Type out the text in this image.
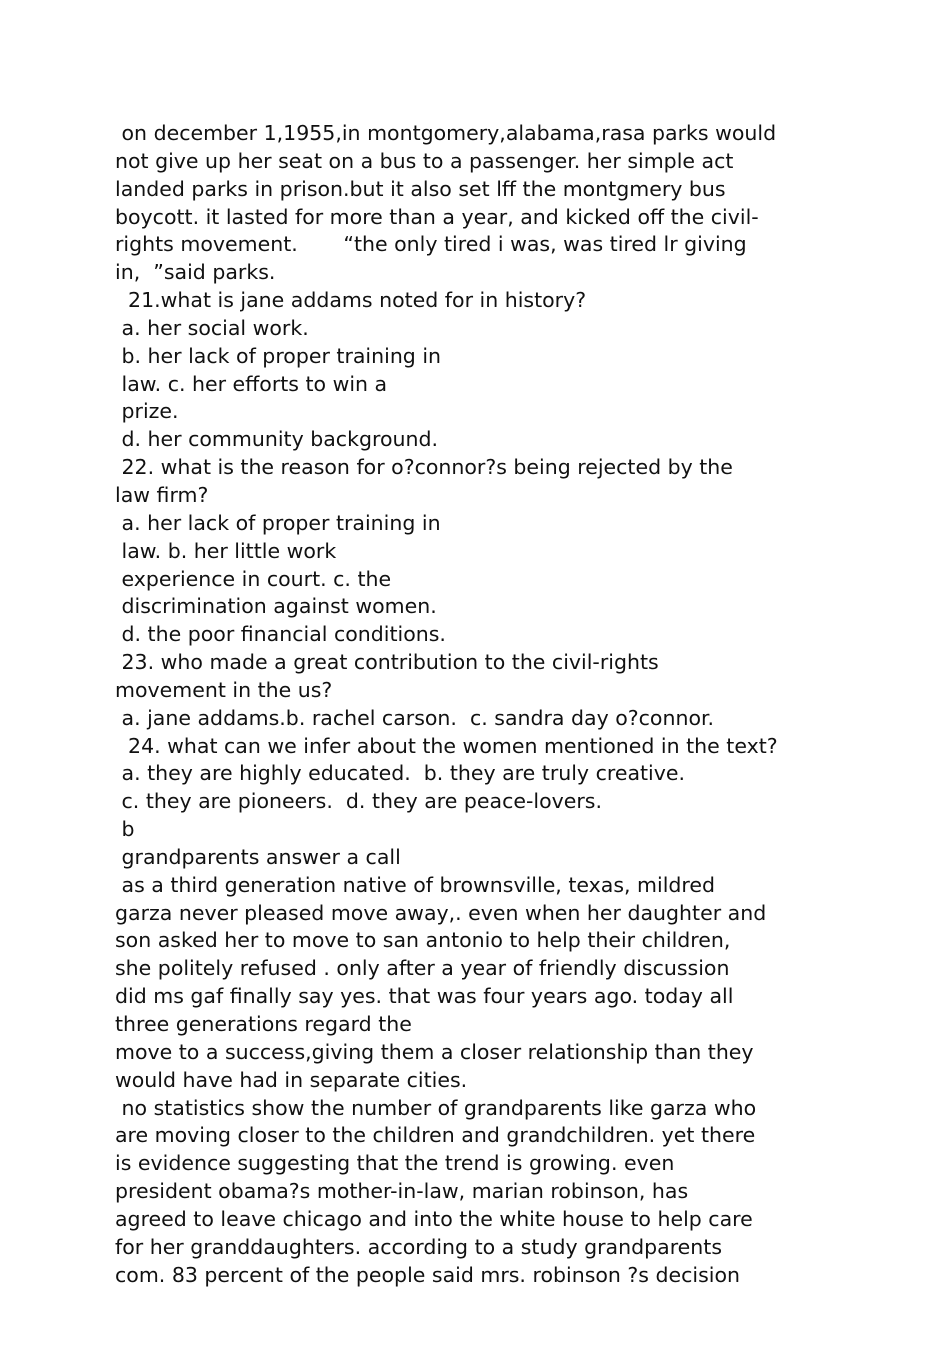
on december 1,1955,in montgomery,alabama,rasa parks would
not give up her seat on a bus to a passenger. her simple act
landed parks in prison.but it also set lff the montgmery bus
boycott. it lasted for more than a year, and kicked off the civil-
rights movement.       “the only tired i was, was tired lr giving
in,  ”said parks.
21.what is jane addams noted for in history?
a. her social work.
b. her lack of proper training in
law. c. her efforts to win a
prize.
d. her community background.
22. what is the reason for o?connor?s being rejected by the
law firm?
a. her lack of proper training in
law. b. her little work
experience in court. c. the
discrimination against women.
d. the poor financial conditions.
23. who made a great contribution to the civil-rights
movement in the us?
a. jane addams.b. rachel carson.  c. sandra day o?connor.
24. what can we infer about the women mentioned in the text?
a. they are highly educated.  b. they are truly creative.
c. they are pioneers.  d. they are peace-lovers.
b
grandparents answer a call
as a third generation native of brownsville, texas, mildred
garza never pleased move away,. even when her daughter and
son asked her to move to san antonio to help their children,
she politely refused . only after a year of friendly discussion
did ms gaf finally say yes. that was four years ago. today all
three generations regard the
move to a success,giving them a closer relationship than they
would have had in separate cities.
no statistics show the number of grandparents like garza who
are moving closer to the children and grandchildren. yet there
is evidence suggesting that the trend is growing. even
president obama?s mother-in-law, marian robinson, has
agreed to leave chicago and into the white house to help care
for her granddaughters. according to a study grandparents
com. 83 percent of the people said mrs. robinson ?s decision
